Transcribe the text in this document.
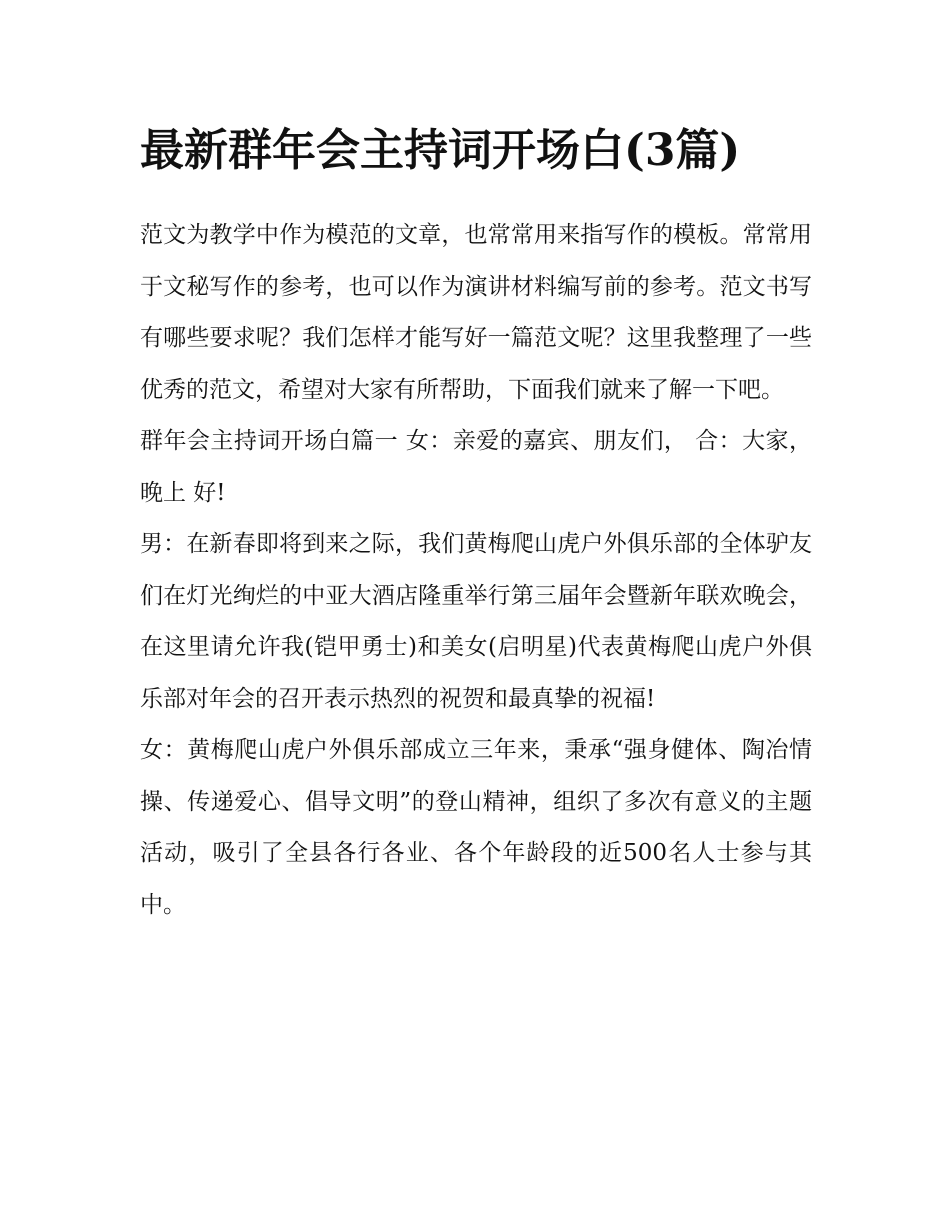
最新群年会主持词开场白(3篇)

范文为教学中作为模范的文章，也常常用来指写作的模板。常常用于文秘写作的参考，也可以作为演讲材料编写前的参考。范文书写有哪些要求呢？我们怎样才能写好一篇范文呢？这里我整理了一些优秀的范文，希望对大家有所帮助，下面我们就来了解一下吧。

群年会主持词开场白篇一 女：亲爱的嘉宾、朋友们， 合：大家，晚上 好!

男：在新春即将到来之际，我们黄梅爬山虎户外俱乐部的全体驴友们在灯光绚烂的中亚大酒店隆重举行第三届年会暨新年联欢晚会，在这里请允许我(铠甲勇士)和美女(启明星)代表黄梅爬山虎户外俱乐部对年会的召开表示热烈的祝贺和最真挚的祝福!

女：黄梅爬山虎户外俱乐部成立三年来，秉承“强身健体、陶冶情操、传递爱心、倡导文明”的登山精神，组织了多次有意义的主题活动，吸引了全县各行各业、各个年龄段的近500名人士参与其中。
